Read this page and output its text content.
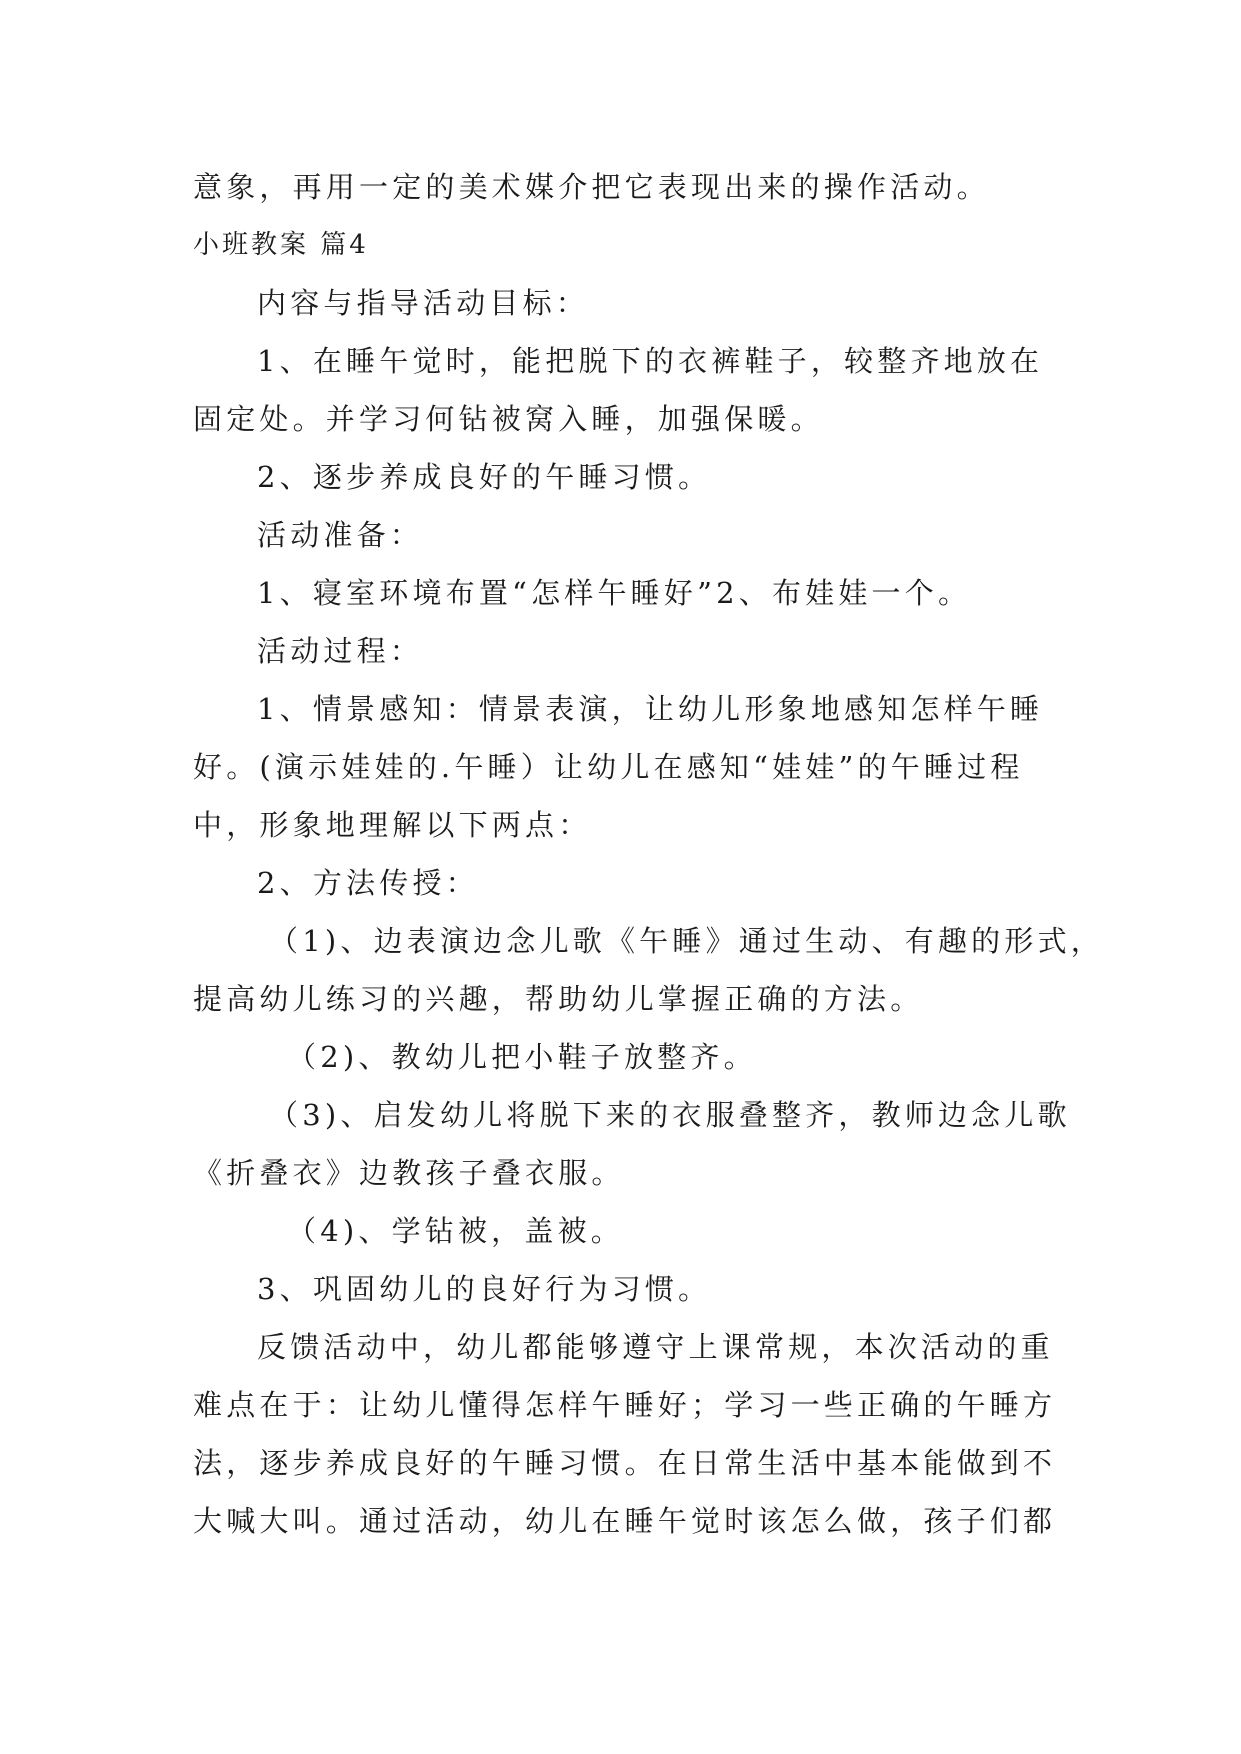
意象，再用一定的美术媒介把它表现出来的操作活动。
小班教案 篇4
内容与指导活动目标：
1、在睡午觉时，能把脱下的衣裤鞋子，较整齐地放在
固定处。并学习何钻被窝入睡，加强保暖。
2、逐步养成良好的午睡习惯。
活动准备：
1、寝室环境布置“怎样午睡好”2、布娃娃一个。
活动过程：
1、情景感知：情景表演，让幼儿形象地感知怎样午睡
好。(演示娃娃的.午睡）让幼儿在感知“娃娃”的午睡过程
中，形象地理解以下两点：
2、方法传授：
（1)、边表演边念儿歌《午睡》通过生动、有趣的形式，
提高幼儿练习的兴趣，帮助幼儿掌握正确的方法。
（2)、教幼儿把小鞋子放整齐。
（3)、启发幼儿将脱下来的衣服叠整齐，教师边念儿歌
《折叠衣》边教孩子叠衣服。
（4)、学钻被，盖被。
3、巩固幼儿的良好行为习惯。
反馈活动中，幼儿都能够遵守上课常规，本次活动的重
难点在于：让幼儿懂得怎样午睡好；学习一些正确的午睡方
法，逐步养成良好的午睡习惯。在日常生活中基本能做到不
大喊大叫。通过活动，幼儿在睡午觉时该怎么做，孩子们都
